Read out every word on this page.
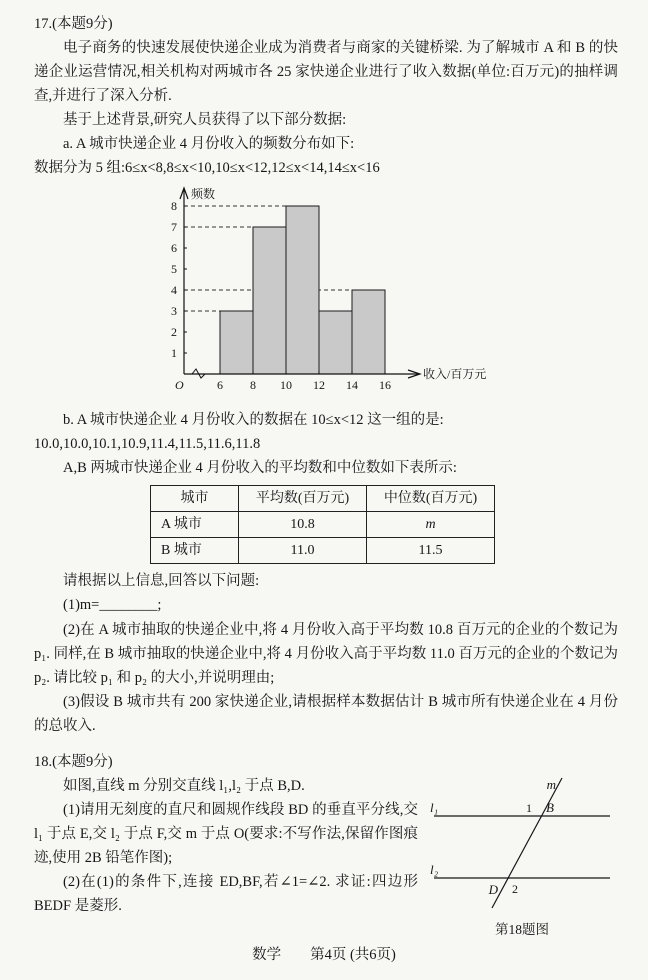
17.(本题9分)

电子商务的快速发展使快递企业成为消费者与商家的关键桥梁. 为了解城市 A 和 B 的快递企业运营情况,相关机构对两城市各 25 家快递企业进行了收入数据(单位:百万元)的抽样调查,并进行了深入分析.

基于上述背景,研究人员获得了以下部分数据:

a. A 城市快递企业 4 月份收入的频数分布如下:

数据分为 5 组:6≤x<8,8≤x<10,10≤x<12,12≤x<14,14≤x<16

1
2
3
4
5
6
7
8
6 8 10 12 14 16
O
频数
收入/百万元

b. A 城市快递企业 4 月份收入的数据在 10≤x<12 这一组的是:

10.0,10.0,10.1,10.9,11.4,11.5,11.6,11.8

A,B 两城市快递企业 4 月份收入的平均数和中位数如下表所示:

城市	平均数(百万元)	中位数(百万元)
A 城市	10.8	m
B 城市	11.0	11.5

请根据以上信息,回答以下问题:

(1)m=________;

(2)在 A 城市抽取的快递企业中,将 4 月份收入高于平均数 10.8 百万元的企业的个数记为 p₁. 同样,在 B 城市抽取的快递企业中,将 4 月份收入高于平均数 11.0 百万元的企业的个数记为 p₂. 请比较 p₁ 和 p₂ 的大小,并说明理由;

(3)假设 B 城市共有 200 家快递企业,请根据样本数据估计 B 城市所有快递企业在 4 月份的总收入.

18.(本题9分)

m
l₁
l₂
B
1
D 2
第18题图

如图,直线 m 分别交直线 l₁,l₂ 于点 B,D.

(1)请用无刻度的直尺和圆规作线段 BD 的垂直平分线,交 l₁ 于点 E,交 l₂ 于点 F,交 m 于点 O(要求:不写作法,保留作图痕迹,使用 2B 铅笔作图);

(2)在(1)的条件下,连接 ED,BF,若∠1=∠2. 求证:四边形 BEDF 是菱形.

数学　　第4页 (共6页)
